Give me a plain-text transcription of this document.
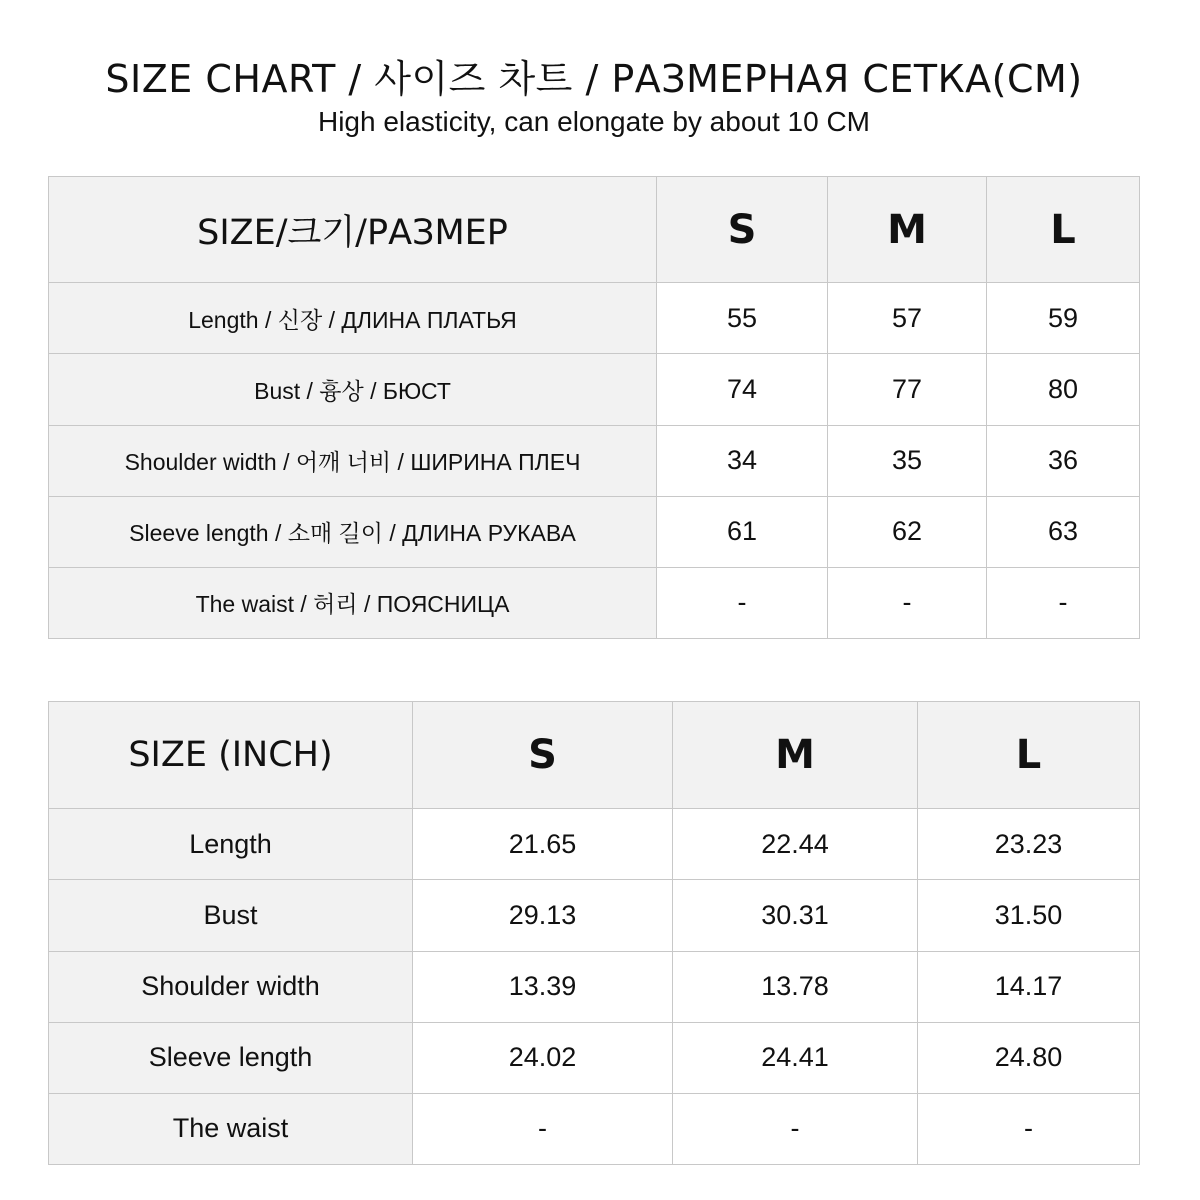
SIZE CHART / 사이즈 차트 / РАЗМЕРНАЯ СЕТКА(CM)
High elasticity, can elongate by about 10 CM
SIZE/크기/РАЗМЕР	S	M	L
Length / 신장 / ДЛИНА ПЛАТЬЯ	55	57	59
Bust / 흉상 / БЮСТ	74	77	80
Shoulder width / 어깨 너비 / ШИРИНА ПЛЕЧ	34	35	36
Sleeve length / 소매 길이 / ДЛИНА РУКАВА	61	62	63
The waist / 허리 / ПОЯСНИЦА	-	-	-
SIZE (INCH)	S	M	L
Length	21.65	22.44	23.23
Bust	29.13	30.31	31.50
Shoulder width	13.39	13.78	14.17
Sleeve length	24.02	24.41	24.80
The waist	-	-	-
